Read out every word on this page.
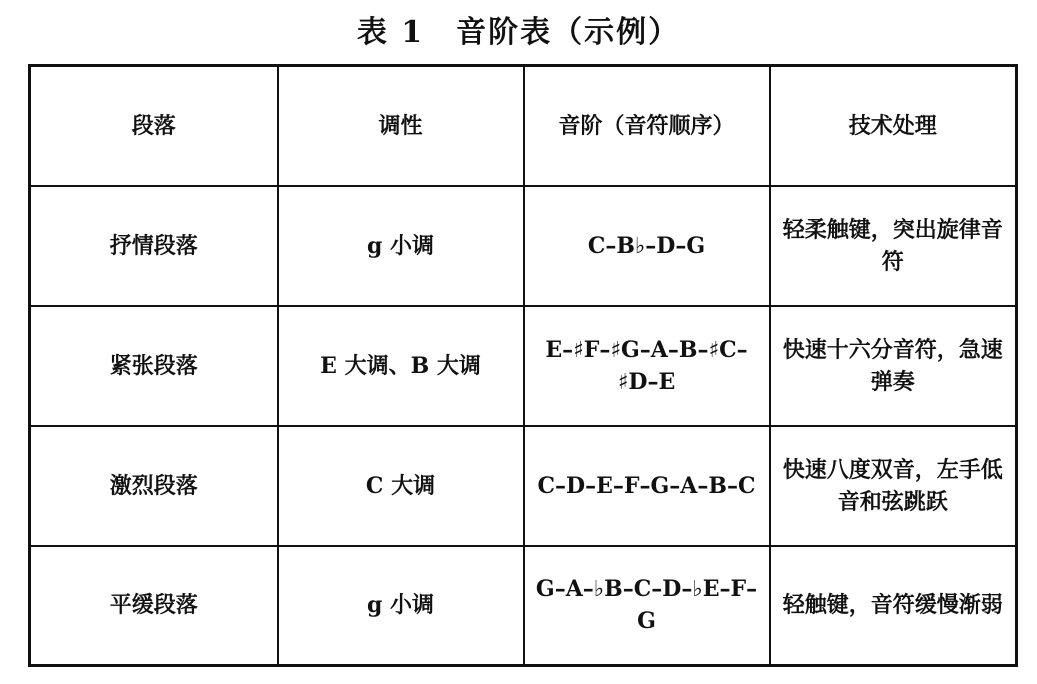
表 1　音阶表（示例）
段落	调性	音阶（音符顺序）	技术处理
抒情段落	g 小调	C–B♭–D–G	轻柔触键，突出旋律音符
紧张段落	E 大调、B 大调	E–♯F–♯G–A–B–♯C–♯D–E	快速十六分音符，急速弹奏
激烈段落	C 大调	C–D–E–F–G–A–B–C	快速八度双音，左手低音和弦跳跃
平缓段落	g 小调	G–A–♭B–C–D–♭E–F–G	轻触键，音符缓慢渐弱
